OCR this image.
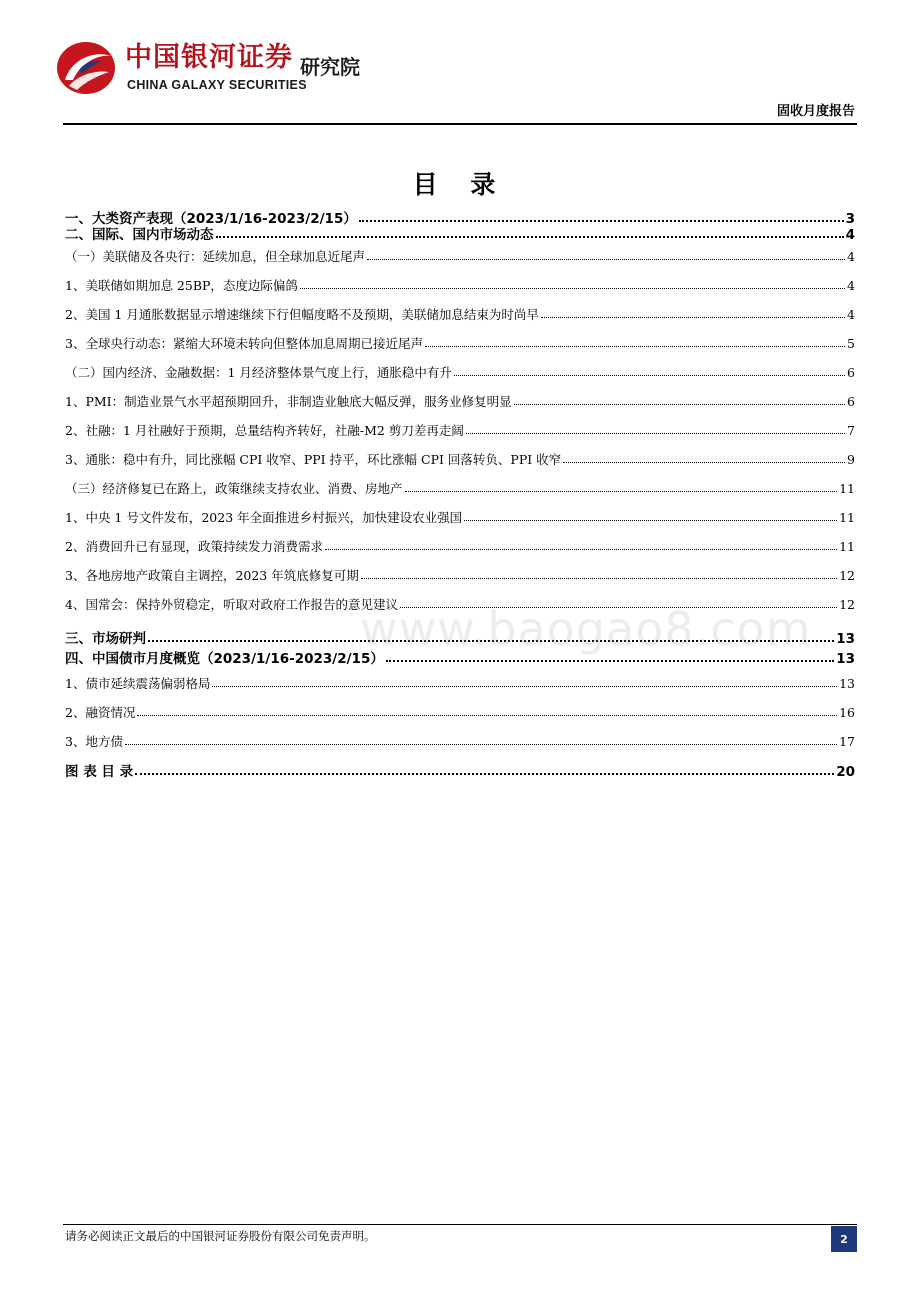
中国银河证券
CHINA GALAXY SECURITIES
研究院
固收月度报告
目 录
一、大类资产表现（2023/1/16-2023/2/15）	3
二、国际、国内市场动态	4
（一）美联储及各央行：延续加息，但全球加息近尾声	4
1、美联储如期加息 25BP，态度边际偏鸽	4
2、美国 1 月通胀数据显示增速继续下行但幅度略不及预期，美联储加息结束为时尚早	4
3、全球央行动态：紧缩大环境未转向但整体加息周期已接近尾声	5
（二）国内经济、金融数据：1 月经济整体景气度上行，通胀稳中有升	6
1、PMI：制造业景气水平超预期回升，非制造业触底大幅反弹，服务业修复明显	6
2、社融：1 月社融好于预期，总量结构齐转好，社融-M2 剪刀差再走阔	7
3、通胀：稳中有升，同比涨幅 CPI 收窄、PPI 持平，环比涨幅 CPI 回落转负、PPI 收窄	9
（三）经济修复已在路上，政策继续支持农业、消费、房地产	11
1、中央 1 号文件发布，2023 年全面推进乡村振兴，加快建设农业强国	11
2、消费回升已有显现，政策持续发力消费需求	11
3、各地房地产政策自主调控，2023 年筑底修复可期	12
4、国常会：保持外贸稳定，听取对政府工作报告的意见建议	12
三、市场研判	13
四、中国债市月度概览（2023/1/16-2023/2/15）	13
1、债市延续震荡偏弱格局	13
2、融资情况	16
3、地方债	17
图 表 目 录	20
www.baogao8.com
请务必阅读正文最后的中国银河证券股份有限公司免责声明。	2
